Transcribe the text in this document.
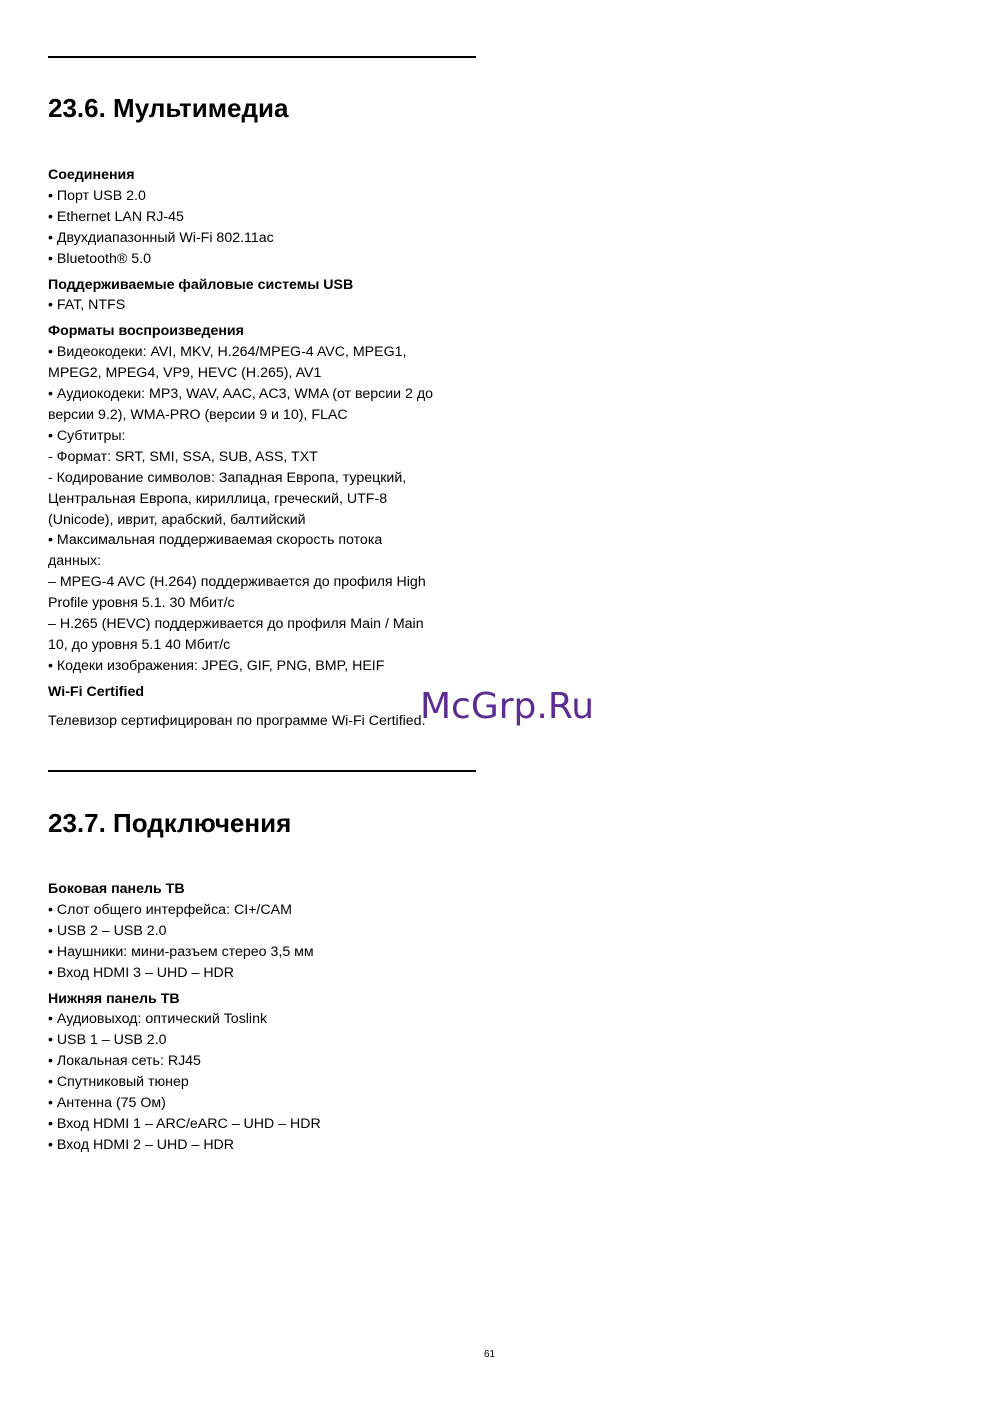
23.6. Мультимедиа
Соединения
• Порт USB 2.0
• Ethernet LAN RJ-45
• Двухдиапазонный Wi-Fi 802.11ac
• Bluetooth® 5.0
Поддерживаемые файловые системы USB
• FAT, NTFS
Форматы воспроизведения
• Видеокодеки: AVI, MKV, H.264/MPEG-4 AVC, MPEG1,
MPEG2, MPEG4, VP9, HEVC (H.265), AV1
• Аудиокодеки: MP3, WAV, AAC, AC3, WMA (от версии 2 до
версии 9.2), WMA-PRO (версии 9 и 10), FLAC
• Субтитры:
- Формат: SRT, SMI, SSA, SUB, ASS, TXT
- Кодирование символов: Западная Европа, турецкий,
Центральная Европа, кириллица, греческий, UTF-8
(Unicode), иврит, арабский, балтийский
• Максимальная поддерживаемая скорость потока
данных:
– MPEG-4 AVC (H.264) поддерживается до профиля High
Profile уровня 5.1. 30 Мбит/с
– H.265 (HEVC) поддерживается до профиля Main / Main
10, до уровня 5.1 40 Мбит/с
• Кодеки изображения: JPEG, GIF, PNG, BMP, HEIF
Wi-Fi Certified
Телевизор сертифицирован по программе Wi-Fi Certified.
23.7. Подключения
Боковая панель ТВ
• Слот общего интерфейса: CI+/CAM
• USB 2 – USB 2.0
• Наушники: мини-разъем стерео 3,5 мм
• Вход HDMI 3 – UHD – HDR
Нижняя панель ТВ
• Аудиовыход: оптический Toslink
• USB 1 – USB 2.0
• Локальная сеть: RJ45
• Спутниковый тюнер
• Антенна (75 Ом)
• Вход HDMI 1 – ARC/eARC – UHD – HDR
• Вход HDMI 2 – UHD – HDR
McGrp.Ru
61
